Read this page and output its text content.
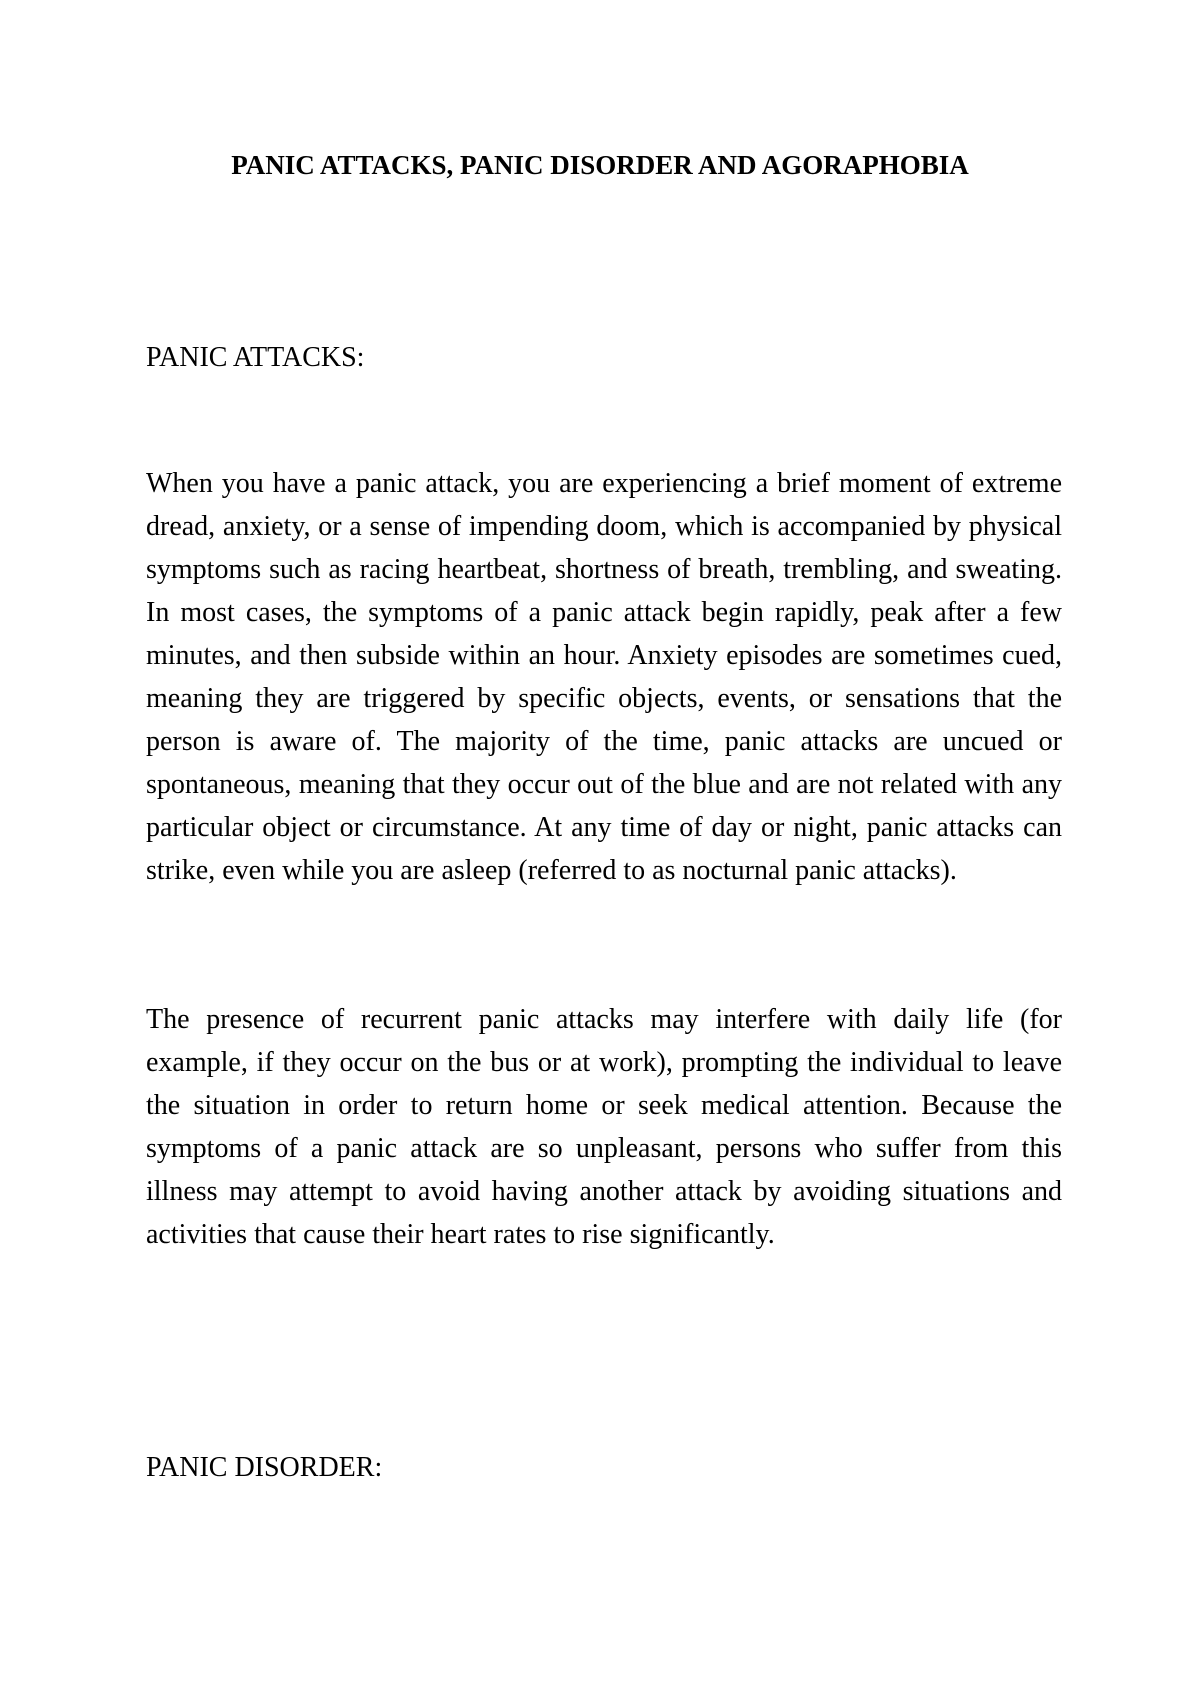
PANIC ATTACKS, PANIC DISORDER AND AGORAPHOBIA
PANIC ATTACKS:

When you have a panic attack, you are experiencing a brief moment of extreme dread, anxiety, or a sense of impending doom, which is accompanied by physical symptoms such as racing heartbeat, shortness of breath, trembling, and sweating. In most cases, the symptoms of a panic attack begin rapidly, peak after a few minutes, and then subside within an hour. Anxiety episodes are sometimes cued, meaning they are triggered by specific objects, events, or sensations that the person is aware of. The majority of the time, panic attacks are uncued or spontaneous, meaning that they occur out of the blue and are not related with any particular object or circumstance. At any time of day or night, panic attacks can strike, even while you are asleep (referred to as nocturnal panic attacks).

The presence of recurrent panic attacks may interfere with daily life (for example, if they occur on the bus or at work), prompting the individual to leave the situation in order to return home or seek medical attention. Because the symptoms of a panic attack are so unpleasant, persons who suffer from this illness may attempt to avoid having another attack by avoiding situations and activities that cause their heart rates to rise significantly.

PANIC DISORDER:
